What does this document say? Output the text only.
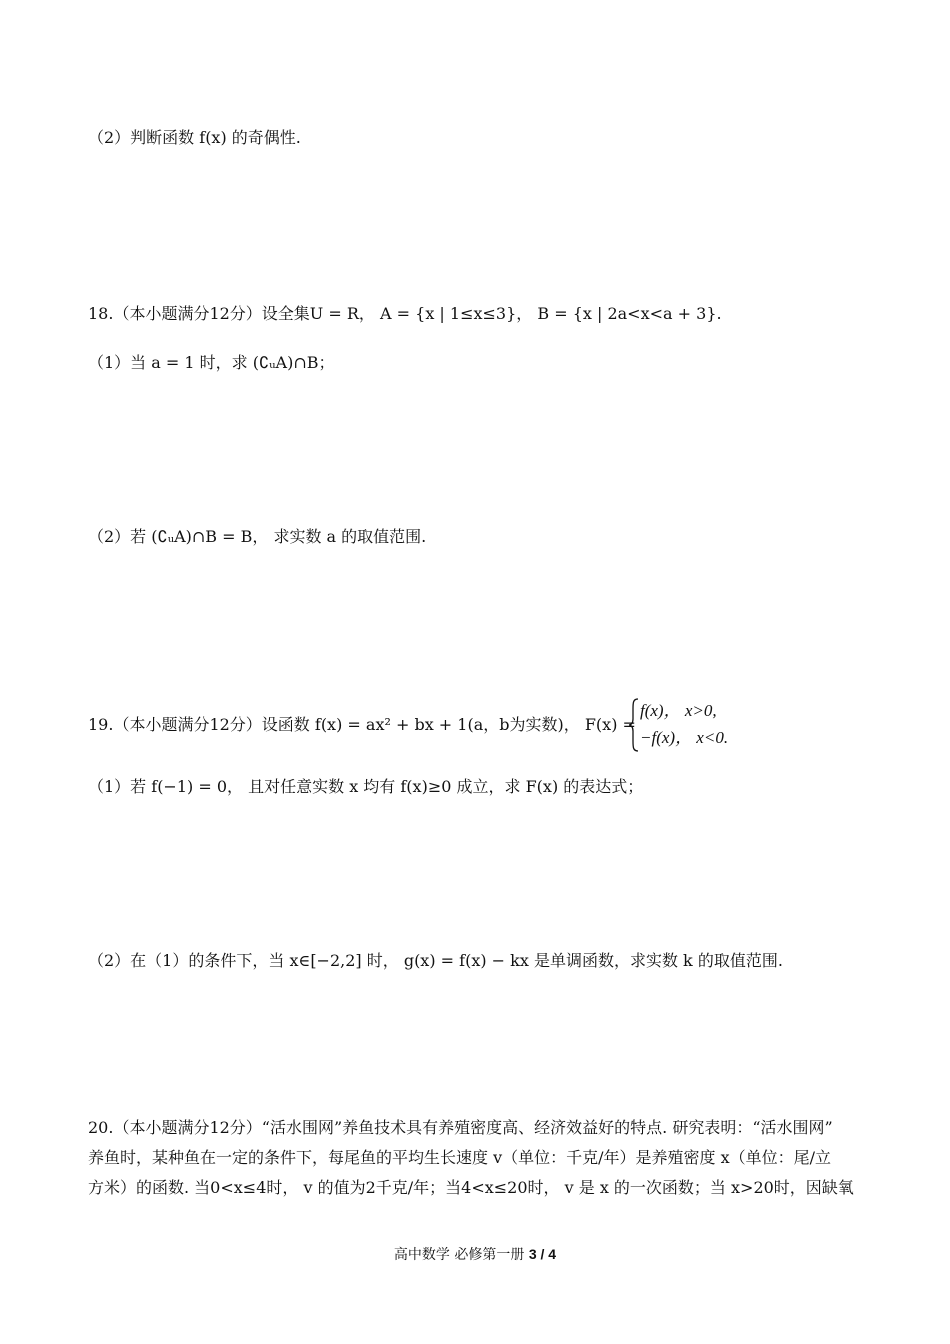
（2）判断函数 f(x) 的奇偶性.
18.（本小题满分12分）设全集U = R， A = {x | 1≤x≤3}， B = {x | 2a<x<a + 3}.
（1）当 a = 1 时，求 (∁ᵤA)∩B；
（2）若 (∁ᵤA)∩B = B， 求实数 a 的取值范围.
19.（本小题满分12分）设函数 f(x) = ax² + bx + 1(a，b为实数)， F(x) =
f(x)， x>0,
−f(x)， x<0.
（1）若 f(−1) = 0， 且对任意实数 x 均有 f(x)≥0 成立，求 F(x) 的表达式；
（2）在（1）的条件下，当 x∈[−2,2] 时， g(x) = f(x) − kx 是单调函数，求实数 k 的取值范围.
20.（本小题满分12分）“活水围网”养鱼技术具有养殖密度高、经济效益好的特点. 研究表明：“活水围网”
养鱼时，某种鱼在一定的条件下，每尾鱼的平均生长速度 v（单位：千克/年）是养殖密度 x（单位：尾/立
方米）的函数. 当0<x≤4时， v 的值为2千克/年；当4<x≤20时， v 是 x 的一次函数；当 x>20时，因缺氧
高中数学 必修第一册 3 / 4
